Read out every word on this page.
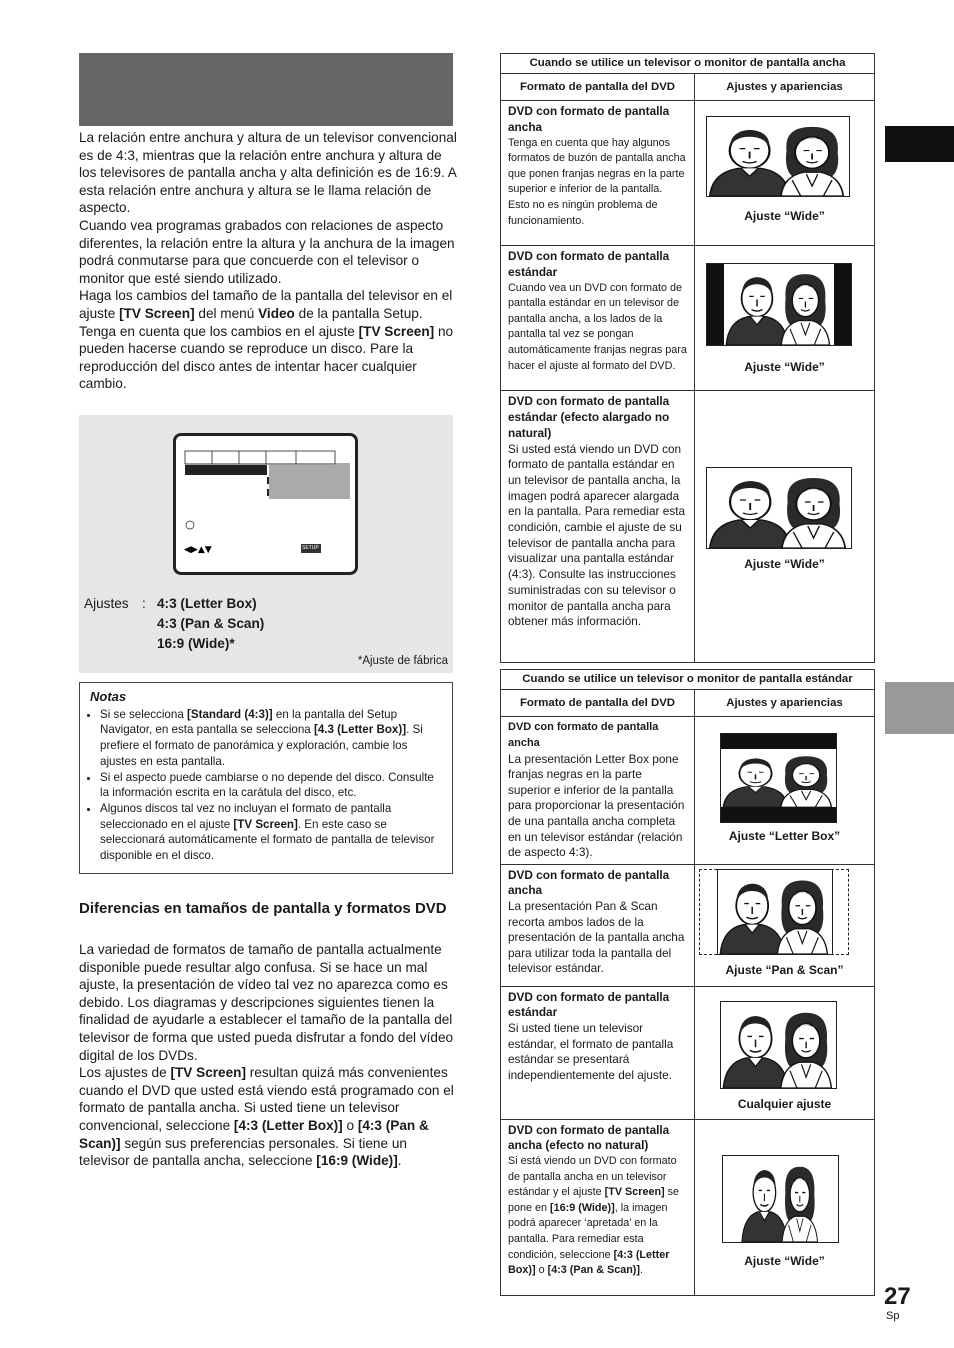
La relación entre anchura y altura de un televisor convencional es de 4:3, mientras que la relación entre anchura y altura de los televisores de pantalla ancha y alta definición es de 16:9. A esta relación entre anchura y altura se le llama relación de aspecto.

Cuando vea programas grabados con relaciones de aspecto diferentes, la relación entre la altura y la anchura de la imagen podrá conmutarse para que concuerde con el televisor o monitor que esté siendo utilizado.

Haga los cambios del tamaño de la pantalla del televisor en el ajuste [TV Screen] del menú Video de la pantalla Setup. Tenga en cuenta que los cambios en el ajuste [TV Screen] no pueden hacerse cuando se reproduce un disco. Pare la reproducción del disco antes de intentar hacer cualquier cambio.

◀▶▲▼	SETUP
Ajustes : 4:3 (Letter Box)
4:3 (Pan & Scan)
16:9 (Wide)*
*Ajuste de fábrica
Notas
• Si se selecciona [Standard (4:3)] en la pantalla del Setup Navigator, en esta pantalla se selecciona [4.3 (Letter Box)]. Si prefiere el formato de panorámica y exploración, cambie los ajustes en esta pantalla.
• Si el aspecto puede cambiarse o no depende del disco. Consulte la información escrita en la carátula del disco, etc.
• Algunos discos tal vez no incluyan el formato de pantalla seleccionado en el ajuste [TV Screen]. En este caso se seleccionará automáticamente el formato de pantalla de televisor disponible en el disco.
Diferencias en tamaños de pantalla y formatos DVD

La variedad de formatos de tamaño de pantalla actualmente disponible puede resultar algo confusa. Si se hace un mal ajuste, la presentación de vídeo tal vez no aparezca como es debido. Los diagramas y descripciones siguientes tienen la finalidad de ayudarle a establecer el tamaño de la pantalla del televisor de forma que usted pueda disfrutar a fondo del vídeo digital de los DVDs.

Los ajustes de [TV Screen] resultan quizá más convenientes cuando el DVD que usted está viendo está programado con el formato de pantalla ancha. Si usted tiene un televisor convencional, seleccione [4:3 (Letter Box)] o [4:3 (Pan & Scan)] según sus preferencias personales. Si tiene un televisor de pantalla ancha, seleccione [16:9 (Wide)].

Cuando se utilice un televisor o monitor de pantalla ancha	
Formato de pantalla del DVD	Ajustes y apariencias

DVD con formato de pantalla ancha
Tenga en cuenta que hay algunos formatos de buzón de pantalla ancha que ponen franjas negras en la parte superior e inferior de la pantalla.
Esto no es ningún problema de funcionamiento.	Ajuste “Wide”

DVD con formato de pantalla estándar
Cuando vea un DVD con formato de pantalla estándar en un televisor de pantalla ancha, a los lados de la pantalla tal vez se pongan automáticamente franjas negras para hacer el ajuste al formato del DVD.	Ajuste “Wide”

DVD con formato de pantalla estándar (efecto alargado no natural)
Si usted está viendo un DVD con formato de pantalla estándar en un televisor de pantalla ancha, la imagen podrá aparecer alargada en la pantalla. Para remediar esta condición, cambie el ajuste de su televisor de pantalla ancha para visualizar una pantalla estándar (4:3). Consulte las instrucciones suministradas con su televisor o monitor de pantalla ancha para obtener más información.	Ajuste “Wide”
Cuando se utilice un televisor o monitor de pantalla estándar	
Formato de pantalla del DVD	Ajustes y apariencias

DVD con formato de pantalla ancha
La presentación Letter Box pone franjas negras en la parte superior e inferior de la pantalla para proporcionar la presentación de una pantalla ancha completa en un televisor estándar (relación de aspecto 4:3).	Ajuste “Letter Box”

DVD con formato de pantalla ancha
La presentación Pan & Scan recorta ambos lados de la presentación de la pantalla ancha para utilizar toda la pantalla del televisor estándar.	Ajuste “Pan & Scan”

DVD con formato de pantalla estándar
Si usted tiene un televisor estándar, el formato de pantalla estándar se presentará independientemente del ajuste.	Cualquier ajuste

DVD con formato de pantalla ancha (efecto no natural)
Si está viendo un DVD con formato de pantalla ancha en un televisor estándar y el ajuste [TV Screen] se pone en [16:9 (Wide)], la imagen podrá aparecer ‘apretada’ en la pantalla. Para remediar esta condición, seleccione [4:3 (Letter Box)] o [4:3 (Pan & Scan)].	Ajuste “Wide”
27
Sp
